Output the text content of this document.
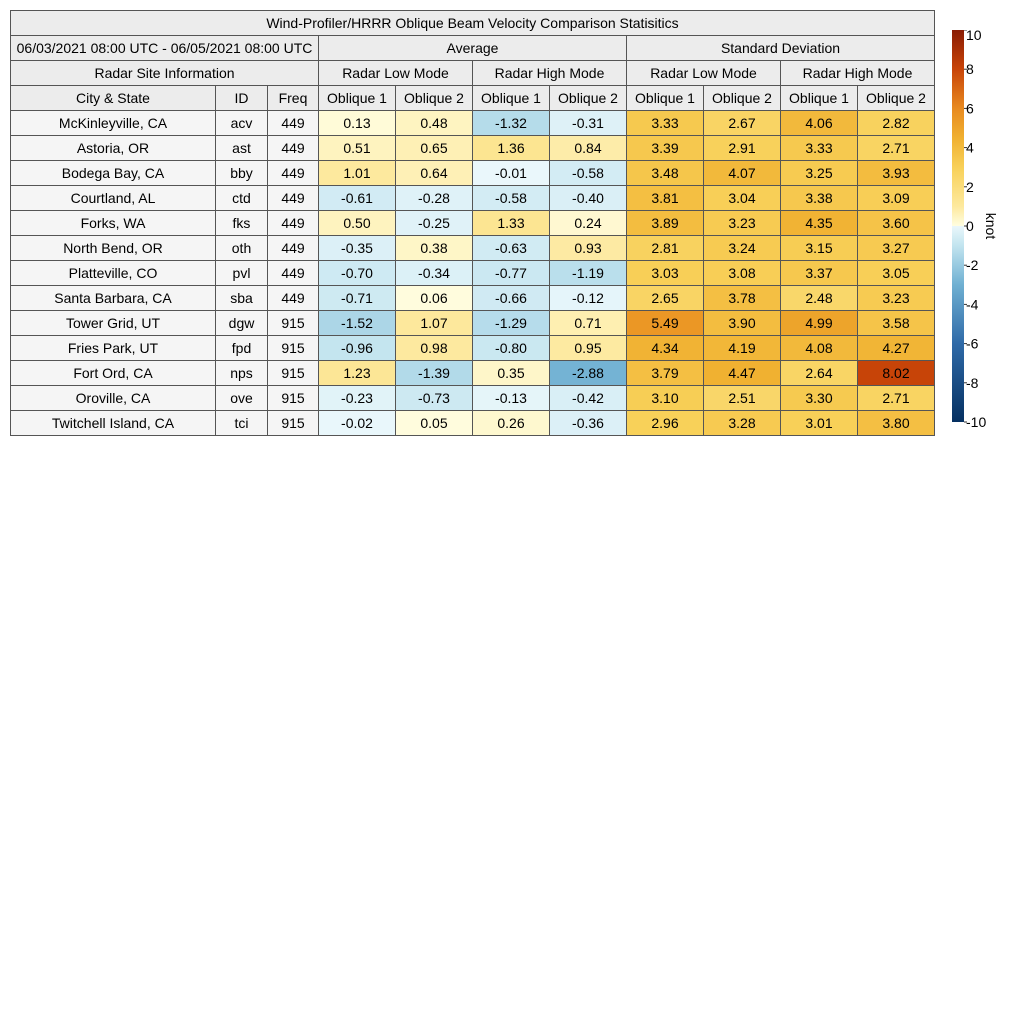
Wind-Profiler/HRRR Oblique Beam Velocity Comparison Statisitics										
06/03/2021 08:00 UTC - 06/05/2021 08:00 UTC			Average				Standard Deviation			
Radar Site Information			Radar Low Mode		Radar High Mode		Radar Low Mode		Radar High Mode	
City & State	ID	Freq	Oblique 1	Oblique 2	Oblique 1	Oblique 2	Oblique 1	Oblique 2	Oblique 1	Oblique 2
McKinleyville, CA	acv	449	0.13	0.48	-1.32	-0.31	3.33	2.67	4.06	2.82
Astoria, OR	ast	449	0.51	0.65	1.36	0.84	3.39	2.91	3.33	2.71
Bodega Bay, CA	bby	449	1.01	0.64	-0.01	-0.58	3.48	4.07	3.25	3.93
Courtland, AL	ctd	449	-0.61	-0.28	-0.58	-0.40	3.81	3.04	3.38	3.09
Forks, WA	fks	449	0.50	-0.25	1.33	0.24	3.89	3.23	4.35	3.60
North Bend, OR	oth	449	-0.35	0.38	-0.63	0.93	2.81	3.24	3.15	3.27
Platteville, CO	pvl	449	-0.70	-0.34	-0.77	-1.19	3.03	3.08	3.37	3.05
Santa Barbara, CA	sba	449	-0.71	0.06	-0.66	-0.12	2.65	3.78	2.48	3.23
Tower Grid, UT	dgw	915	-1.52	1.07	-1.29	0.71	5.49	3.90	4.99	3.58
Fries Park, UT	fpd	915	-0.96	0.98	-0.80	0.95	4.34	4.19	4.08	4.27
Fort Ord, CA	nps	915	1.23	-1.39	0.35	-2.88	3.79	4.47	2.64	8.02
Oroville, CA	ove	915	-0.23	-0.73	-0.13	-0.42	3.10	2.51	3.30	2.71
Twitchell Island, CA	tci	915	-0.02	0.05	0.26	-0.36	2.96	3.28	3.01	3.80
10
8
6
4
2
0
-2
-4
-6
-8
-10
knot
